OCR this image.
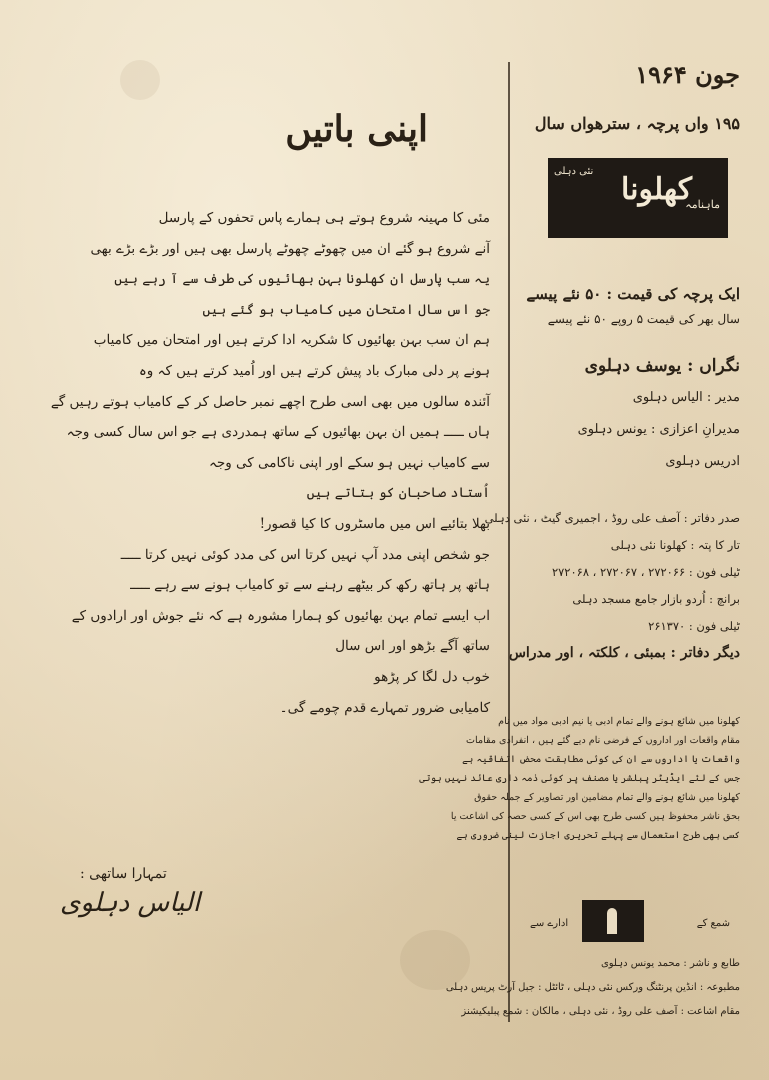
اپنی باتیں
مئی کا مہینہ شروع ہوتے ہی ہمارے پاس تحفوں کے پارسل
آنے شروع ہو گئے ان میں چھوٹے چھوٹے پارسل بھی ہیں اور بڑے بڑے بھی
یہ سب پارسل ان کھلونا بہن بھائیوں کی طرف سے آ رہے ہیں
جو اس سال امتحان میں کامیاب ہو گئے ہیں
ہم ان سب بہن بھائیوں کا شکریہ ادا کرتے ہیں اور امتحان میں کامیاب
ہونے پر دلی مبارک باد پیش کرتے ہیں اور اُمید کرتے ہیں کہ وہ
آئندہ سالوں میں بھی اسی طرح اچھے نمبر حاصل کر کے کامیاب ہوتے رہیں گے
ہاں ـــــ ہمیں ان بہن بھائیوں کے ساتھ ہمدردی ہے جو اس سال کسی وجہ
سے کامیاب نہیں ہو سکے اور اپنی ناکامی کی وجہ
اُستاد صاحبان کو بتاتے ہیں
بھلا بتائیے اس میں ماسٹروں کا کیا قصور!
جو شخص اپنی مدد آپ نہیں کرتا اس کی مدد کوئی نہیں کرتا ـــــ
ہاتھ پر ہاتھ رکھ کر بیٹھے رہنے سے تو کامیاب ہونے سے رہے ـــــ
اب ایسے تمام بہن بھائیوں کو ہمارا مشورہ ہے کہ نئے جوش اور ارادوں کے
ساتھ آگے بڑھو اور اس سال
خوب دل لگا کر پڑھو
کامیابی ضرور تمہارے قدم چومے گی۔
تمہارا ساتھی :
الیاس دہلوی
جون ۱۹۶۴
۱۹۵ واں پرچہ ، سترھواں سال
کھلونا
ماہنامہ
نئی دہلی
ایک پرچہ کی قیمت : ۵۰ نئے پیسے
سال بھر کی قیمت ۵ روپے ۵۰ نئے پیسے
نگراں : یوسف دہلوی
مدیر : الیاس دہلوی
مدیرانِ اعزازی : یونس دہلوی
ادریس دہلوی
صدر دفاتر : آصف علی روڈ ، اجمیری گیٹ ، نئی دہلی
تار کا پتہ : کھلونا نئی دہلی
ٹیلی فون : ۲۷۲۰۶۶ ، ۲۷۲۰۶۷ ، ۲۷۲۰۶۸
برانچ : اُردو بازار جامع مسجد دہلی
ٹیلی فون : ۲۶۱۳۷۰
دیگر دفاتر : بمبئی ، کلکتہ ، اور مدراس
کھلونا میں شائع ہونے والے تمام ادبی یا نیم ادبی مواد میں نام
مقام واقعات اور اداروں کے فرضی نام دیے گئے ہیں ، انفرادی مقامات
واقعات یا اداروں سے ان کی کوئی مطابقت محض اتفاقیہ ہے
جس کے لئے ایڈیٹر پبلشر یا مصنف پر کوئی ذمہ داری عائد نہیں ہوتی
کھلونا میں شائع ہونے والے تمام مضامین اور تصاویر کے جملہ حقوق
بحق ناشر محفوظ ہیں کسی طرح بھی اس کے کسی حصہ کی اشاعت یا
کسی بھی طرح استعمال سے پہلے تحریری اجازت لینی ضروری ہے
ادارے سے	شمع کے
طابع و ناشر : محمد یونس دہلوی
مطبوعہ : انڈین پرنٹنگ ورکس نئی دہلی ، ٹائٹل : جبل آرٹ پریس دہلی
مقام اشاعت : آصف علی روڈ ، نئی دہلی ، مالکان : شمع پبلیکیشنز
